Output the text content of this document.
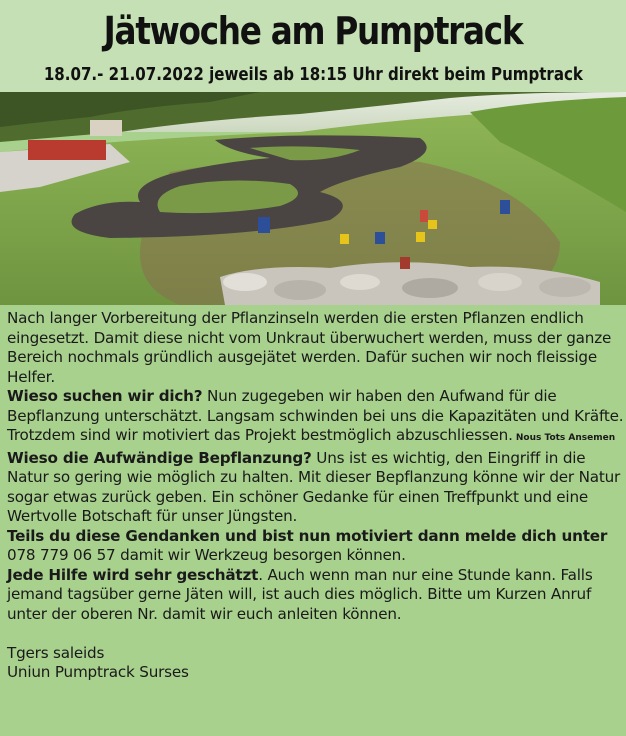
Jätwoche am Pumptrack
18.07.- 21.07.2022 jeweils ab 18:15 Uhr direkt beim Pumptrack

Nach langer Vorbereitung der Pflanzinseln werden die ersten Pflanzen endlich eingesetzt. Damit diese nicht vom Unkraut überwuchert werden, muss der ganze Bereich nochmals gründlich ausgejätet werden. Dafür suchen wir noch fleissige Helfer.

Wieso suchen wir dich? Nun zugegeben wir haben den Aufwand für die Bepflanzung unterschätzt. Langsam schwinden bei uns die Kapazitäten und Kräfte. Trotzdem sind wir motiviert das Projekt bestmöglich abzuschliessen. Nous Tots Ansemen

Wieso die Aufwändige Bepflanzung? Uns ist es wichtig, den Eingriff in die Natur so gering wie möglich zu halten. Mit dieser Bepflanzung könne wir der Natur sogar etwas zurück geben. Ein schöner Gedanke für einen Treffpunkt und eine Wertvolle Botschaft für unser Jüngsten.

Teils du diese Gendanken und bist nun motiviert dann melde dich unter

078 779 06 57 damit wir Werkzeug besorgen können.

Jede Hilfe wird sehr geschätzt. Auch wenn man nur eine Stunde kann. Falls jemand tagsüber gerne Jäten will, ist auch dies möglich. Bitte um Kurzen Anruf unter der oberen Nr. damit wir euch anleiten können.

Tgers saleids

Uniun Pumptrack Surses
